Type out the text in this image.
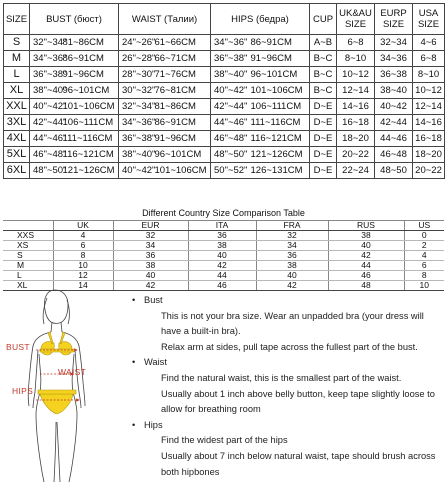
SIZE	BUST (бюст)		WAIST (Талии)		HIPS (бедра)		CUP	UK&AU SIZE	EURP SIZE	USA SIZE
S	32"~34"	81~86CM	24"~26"	61~66CM	34"~36"	86~91CM	A~B	6~8	32~34	4~6
M	34"~36"	86~91CM	26"~28"	66~71CM	36"~38"	91~96CM	B~C	8~10	34~36	6~8
L	36"~38"	91~96CM	28"~30"	71~76CM	38"~40"	96~101CM	B~C	10~12	36~38	8~10
XL	38"~40"	96~101CM	30"~32"	76~81CM	40"~42"	101~106CM	B~C	12~14	38~40	10~12
XXL	40"~42"	101~106CM	32"~34"	81~86CM	42"~44"	106~111CM	D~E	14~16	40~42	12~14
3XL	42"~44"	106~111CM	34"~36"	86~91CM	44"~46"	111~116CM	D~E	16~18	42~44	14~16
4XL	44"~46"	111~116CM	36"~38"	91~96CM	46"~48"	116~121CM	D~E	18~20	44~46	16~18
5XL	46"~48"	116~121CM	38"~40"	96~101CM	48"~50"	121~126CM	D~E	20~22	46~48	18~20
6XL	48"~50"	121~126CM	40"~42"	101~106CM	50"~52"	126~131CM	D~E	22~24	48~50	20~22
Different Country Size Comparison Table
	UK	EUR	ITA	FRA	RUS	US
XXS	4	32	36	32	38	0
XS	6	34	38	34	40	2
S	8	36	40	36	42	4
M	10	38	42	38	44	6
L	12	40	44	40	46	8
XL	14	42	46	42	48	10
BUST
WAIST
HIPS
• Bust
This is not your bra size. Wear an unpadded bra (your dress will
have a built-in bra).
Relax arm at sides, pull tape across the fullest part of the bust.
• Waist
Find the natural waist, this is the smallest part of the waist.
Usually about 1 inch above belly button, keep tape slightly loose to
allow for breathing room
• Hips
Find the widest part of the hips
Usually about 7 inch below natural waist, tape should brush across
both hipbones
